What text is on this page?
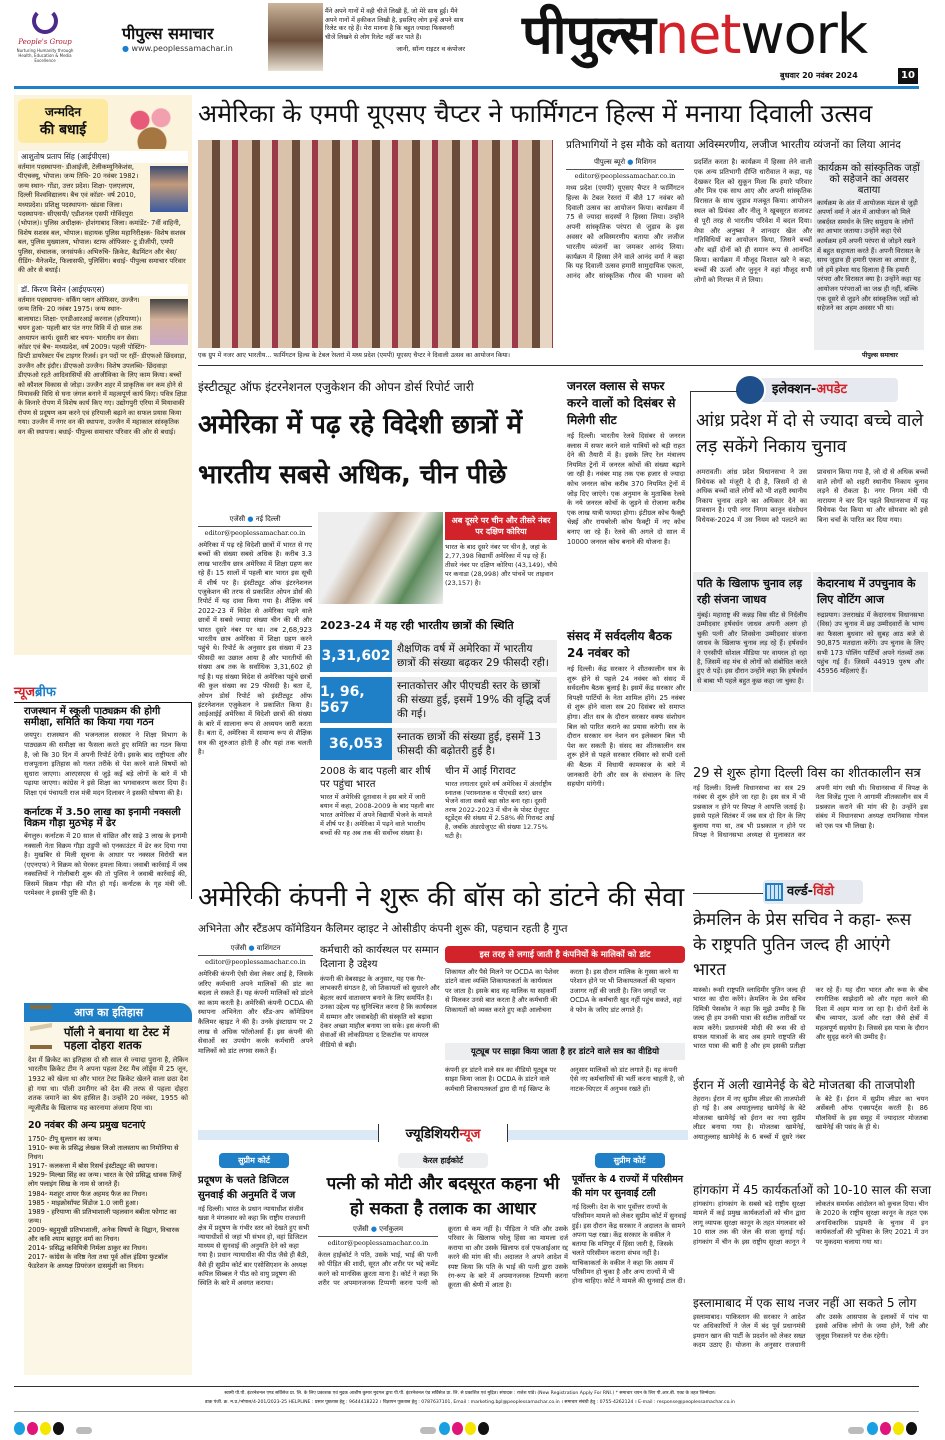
People's Group
Nurturing Humanity through Health, Education & Media Excellence
पीपुल्स समाचार
● www.peoplessamachar.in
मैंने अपने गानों में वही चीजें लिखी हैं, जो मेरे साथ हुईं। मैंने अपने गानों में हकीकत लिखी है, इसलिए लोग इन्हें अपने साथ रिलेट कर रहे हैं। मेरा मानना है कि बहुत ज्यादा फिक्शनरी चीजें लिखने से लोग रिलेट नहीं कर पाते हैं।
जानी, सॉन्ग राइटर व कंपोजर पीपुल्सnetwork
बुधवार 20 नवंबर 2024	10
जन्मदिन
की बधाई
आशुतोष प्रताप सिंह (आईपीएस)
वर्तमान पदस्थापना- डीआईजी, टेलीकम्युनिकेशंस, पीएचक्यू, भोपाल। जन्म तिथि- 20 नवंबर 1982। जन्म स्थान- गोंडा, उत्तर प्रदेश। शिक्षा- एलएलएम, दिल्ली विश्वविद्यालय। बैच एवं कॉडर- वर्ष 2010, मध्यप्रदेश। प्रशिक्षु पदस्थापना- खंडवा जिला। पदस्थापना- सीएसपी/ एडीशनल एसपी गोविंदपुरा (भोपाल)। पुलिस अधीक्षक- होशंगाबाद जिला। कमांडेंट- 7वीं वाहिनी, विशेष सशस्त्र बल, भोपाल। सहायक पुलिस महानिरीक्षक- विशेष सशस्त्र बल, पुलिस मुख्यालय, भोपाल। स्टाफ ऑफिसर- टू डीजीपी, एमपी पुलिस, संचालक, जनसंपर्क। अभिरुचि- क्रिकेट, बैडमिंटन और चेस/ रीडिंग- मैनेजमेंट, फिलासफी, पुलिसिंग। बधाई- पीपुल्स समाचार परिवार की ओर से बधाई।
डॉ. किरण बिसेन (आईएफएस)
वर्तमान पदस्थापना- वर्किंग प्लान ऑफिसर, उज्जैन। जन्म तिथि- 20 नवंबर 1975। जन्म स्थान- बालाघाट। शिक्षा- एनडीआरआई करनाल (हरियाणा)। चयन हुआ- पहली बार पंत नगर विवि में दो साल तक अध्यापन कार्य। दूसरी बार चयन- भारतीय वन सेवा। कॉडर एवं बैच- मध्यप्रदेश, वर्ष 2009। पहली पोस्टिंग- डिप्टी डायरेक्टर पेंच टाइगर रिजर्व। इन पदों पर रहीं- डीएफओ छिंदवाड़ा, उज्जैन और इंदौर। डीएफओ उज्जैन। विशेष उपलब्धि- छिंदवाड़ा डीएफओ रहते आदिवासियों की आजीविका के लिए काम किया। बच्चों को कौशल विकास से जोड़ा। उज्जैन शहर में प्राकृतिक वन कम होने से मियावकी विधि से घना जंगल बनाने में महत्वपूर्ण कार्य किए। पवित्र क्षिप्रा के किनारे रोपण में विशेष कार्य किए गए। उद्योगपुरी एरिया में मियावाकी रोपण से प्रदूषण कम करने एवं हरियाली बढ़ाने का सफल प्रयास किया गया। उज्जैन में नगर वन की स्थापना, उज्जैन में महाकाल सांस्कृतिक वन की स्थापना। बधाई- पीपुल्स समाचार परिवार की ओर से बधाई।
न्यूजब्रीफ
राजस्थान में स्कूली पाठ्यक्रम की होगी समीक्षा, समिति का किया गया गठन
जयपुर। राजस्थान की भजनलाल सरकार ने शिक्षा विभाग के पाठ्यक्रम की समीक्षा का फैसला करते हुए समिति का गठन किया है, जो कि 30 दिन में अपनी रिपोर्ट देगी। इसके बाद राष्ट्रीयता और राजपूताना इतिहास को गलत तरीके से पेश करने वाले विषयों को सुधारा जाएगा। आरएसएस से जुड़े कई बड़े लोगों के बारे में भी पढ़ाया जाएगा। कांग्रेस ने इसे शिक्षा का भगवाकरण करार दिया है। शिक्षा एवं पंचायती राज मंत्री मदन दिलावर ने इसकी घोषणा की है।
कर्नाटक में 3.50 लाख का इनामी नक्सली विक्रम गौड़ा मुठभेड़ में ढेर
बेंगलुरु। कर्नाटक में 20 साल से वांछित और साढ़े 3 लाख के इनामी नक्सली नेता विक्रम गौड़ा उडुपी को एनकाउंटर में ढेर कर दिया गया है। मुखबिर से मिली सूचना के आधार पर नक्सल विरोधी बल (एएनएफ) ने विक्रम को घेरकर हमला किया। जवाबी कार्रवाई में जब नक्सलियों ने गोलीबारी शुरू की तो पुलिस ने जवाबी कार्रवाई की, जिसमें विक्रम गौड़ा की मौत हो गई। कर्नाटक के गृह मंत्री जी. परमेश्वर ने इसकी पुष्टि की है।
आज का इतिहास
पॉली ने बनाया था टेस्ट में पहला दोहरा शतक
देश में क्रिकेट का इतिहास दो सौ साल से ज्यादा पुराना है, लेकिन भारतीय क्रिकेट टीम ने अपना पहला टेस्ट मैच लॉर्ड्स में 25 जून, 1932 को खेला था और भारत टेस्ट क्रिकेट खेलने वाला छठा देश हो गया था। पॉली उमरीगर को देश की तरफ से पहला दोहरा शतक जमाने का श्रेय हासिल है। उन्होंने 20 नवंबर, 1955 को न्यूजीलैंड के खिलाफ यह कारनामा अंजाम दिया था।
20 नवंबर की अन्य प्रमुख घटनाएं
1750- टीपू सुल्तान का जन्म।
1910- रूस के प्रसिद्ध लेखक लिओ तालस्ताय का निमोनिया से निधन।
1917- कलकत्ता में बोस रिसर्च इंस्टीट्यूट की स्थापना।
1929- मिल्खा सिंह का जन्म। भारत के ऐसे प्रसिद्ध धावक जिन्हें लोग फ्लाइंग सिख के नाम से जानते हैं।
1984- मशहूर शायर फैज अहमद फैज का निधन।
1985 - माइक्रोसॉफ्ट विंडोज 1.0 जारी हुआ।
1989 - हरियाणा की प्रतिभाशाली पहलवान बबीता फोगाट का जन्म।
2009- बहुमुखी प्रतिभाशाली, अनेक विषयों के विद्वान, विचारक और कवि श्याम बहादुर वर्मा का निधन।
2014- प्रसिद्ध कवियित्री निर्मला ठाकुर का निधन।
2017- कांग्रेस के वरिष्ठ नेता तथा पूर्व ऑल इंडिया फुटबॉल फेडरेशन के अध्यक्ष प्रियरंजन दासमुंशी का निधन।
अमेरिका के एमपी यूएसए चैप्टर ने फार्मिंगटन हिल्स में मनाया दिवाली उत्सव
एक ग्रुप में नजर आए भारतीय... फार्मिंगटन हिल्स के टेबल रेस्तरां में मध्य प्रदेश (एमपी) यूएसए चैप्टर ने दिवाली उत्सव का आयोजन किया।	पीपुल्स समाचार
प्रतिभागियों ने इस मौके को बताया अविस्मरणीय, लजीज भारतीय व्यंजनों का लिया आनंद
पीपुल्स ब्यूरो ● मिशिगन
editor@peoplessamachar.co.in
मध्य प्रदेश (एमपी) यूएसए चैप्टर ने फार्मिंगटन हिल्स के टेबल रेस्तरां में बीते 17 नवंबर को दिवाली उत्सव का आयोजन किया। कार्यक्रम में 75 से ज्यादा सदस्यों ने हिस्सा लिया। उन्होंने अपनी सांस्कृतिक परंपरा से जुड़ाव के इस अवसर को अविस्मरणीय बताया और लजीज भारतीय व्यंजनों का जमकर आनंद लिया। कार्यक्रम में हिस्सा लेने वाले आनंद वर्मा ने कहा कि यह दिवाली उत्सव हमारी सामुदायिक एकता, आनंद और सांस्कृतिक गौरव की भावना को प्रदर्शित करता है। कार्यक्रम में हिस्सा लेने वाली एक अन्य प्रतिभागी दीप्ति धारीवाल ने कहा, यह देखकर दिल को सुकून मिला कि हमारे परिवार और मित्र एक साथ आए और अपनी सांस्कृतिक विरासत के साथ जुड़ाव मजबूत किया। आयोजन स्थल को प्रियंका और नीलू ने खूबसूरत सजावट से पूरी तरह से भारतीय परिवेश में बदल दिया। मेघा और अनुष्का ने शानदार खेल और गतिविधियों का आयोजन किया, जिसने बच्चों और बड़ों दोनों को ही समान रूप से आनंदित किया। कार्यक्रम में मौजूद विशाल खरे ने कहा, बच्चों की ऊर्जा और जुनून ने वहां मौजूद सभी लोगों को गिरफ्त में ले लिया।
कार्यक्रम को सांस्कृतिक जड़ों को सहेजने का अवसर बताया
कार्यक्रम के अंत में आयोजक मंडल से जुड़ी अपर्णा वर्मा ने अंत में आयोजन को मिले जबर्दस्त समर्थन के लिए समुदाय के लोगों का आभार जताया। उन्होंने कहा ऐसे कार्यक्रम हमें अपनी परंपरा से जोड़ने रखने में बहुत सहायता करते हैं। अपनी विरासत के साथ जुड़ाव ही हमारी एकता का आधार है, जो हमें हमेशा याद दिलाता है कि हमारी परंपरा और विरासत क्या है। उन्होंने कहा यह आयोजन परंपराओं का जश्न ही नहीं, बल्कि एक दूसरे से जुड़ने और सांस्कृतिक जड़ों को सहेजने का अहम अवसर भी था।
इंस्टीट्यूट ऑफ इंटरनेशनल एजुकेशन की ओपन डोर्स रिपोर्ट जारी
अमेरिका में पढ़ रहे विदेशी छात्रों में भारतीय सबसे अधिक, चीन पीछे
एजेंसी ● नई दिल्ली
editor@peoplessamachar.co.in
अमेरिका में पढ़ रहे विदेशी छात्रों में भारत से गए बच्चों की संख्या सबसे अधिक है। करीब 3.3 लाख भारतीय छात्र अमेरिका में शिक्षा ग्रहण कर रहे हैं। 15 सालों में पहली बार भारत इस सूची में शीर्ष पर है। इंस्टीट्यूट ऑफ इंटरनेशनल एजुकेशन की तरफ से प्रकाशित ओपन डोर्स की रिपोर्ट में यह दावा किया गया है। शैक्षिक वर्ष 2022-23 में विदेश से अमेरिका पढ़ने वाले छात्रों में सबसे ज्यादा संख्या चीन की थी और भारत दूसरे नंबर पर था। तब 2,68,923 भारतीय छात्र अमेरिका में शिक्षा ग्रहण करने पहुंचे थे। रिपोर्ट के अनुसार इस संख्या में 23 फीसदी का उछाल आया है और भारतीयों की संख्या अब तक के सर्वाधिक 3,31,602 हो गई है। यह संख्या विदेश से अमेरिका पहुंचे छात्रों की कुल संख्या का 29 फीसदी है। बता दें, ओपन डोर्स रिपोर्ट को इंस्टीट्यूट ऑफ इंटरनेशनल एजुकेशन ने प्रकाशित किया है। आईआईई अमेरिका में विदेशी छात्रों की संख्या के बारे में सालाना रूप से अध्ययन जारी करता है। बता दें, अमेरिका में सामान्य रूप से शैक्षिक सत्र की शुरुआत होती है और यहां तक चलती है।
अब दूसरे पर चीन और तीसरे नंबर पर दक्षिण कोरिया
भारत के बाद दूसरे नंबर पर चीन है, जहां के 2,77,398 विद्यार्थी अमेरिका में पढ़ रहे हैं। तीसरे नंबर पर दक्षिण कोरिया (43,149), चौथे पर कनाडा (28,998) और पांचवें पर ताइवान (23,157) है।
2023-24 में यह रही भारतीय छात्रों की स्थिति
3,31,602 शैक्षणिक वर्ष में अमेरिका में भारतीय छात्रों की संख्या बढ़कर 29 फीसदी रही।
1, 96, 567
स्नातकोत्तर और पीएचडी स्तर के छात्रों की संख्या हुई, इसमें 19% की वृद्धि दर्ज की गई।
36,053	स्नातक छात्रों की संख्या हुई, इसमें 13 फीसदी की बढ़ोतरी हुई है।
2008 के बाद पहली बार शीर्ष पर पहुंचा भारत
भारत में अमेरिकी दूतावास ने इस बारे में जारी बयान में कहा, 2008-2009 के बाद पहली बार भारत अमेरिका में अपने विद्यार्थी भेजने के मामले में शीर्ष पर है। अमेरिका में पढ़ने वाले भारतीय बच्चों की यह अब तक की सर्वोच्च संख्या है।
चीन में आई गिरावट
भारत लगातार दूसरे वर्ष अमेरिका में अंतर्राष्ट्रीय स्नातक (परास्नातक व पीएचडी स्तर) छात्र भेजने वाला सबसे बड़ा स्रोत बना रहा। दूसरी तरफ 2022-2023 में चीन के पोस्ट ग्रेजुएट स्टूडेंट्स की संख्या में 2.58% की गिरावट आई है, जबकि अंडरग्रेजुएट की संख्या 12.75% घटी है।
जनरल क्लास से सफर करने वालों को दिसंबर से मिलेगी सीट
नई दिल्ली। भारतीय रेलवे दिसंबर से जनरल क्लास में सफर करने वाले यात्रियों को बड़ी राहत देने की तैयारी में है। इसके लिए रेल मंत्रालय नियमित ट्रेनों में जनरल कोचों की संख्या बढ़ाने जा रही है। नवंबर माह तक एक हजार से ज्यादा कोच जनरल कोच करीब 370 नियमित ट्रेनों में जोड़ दिए जाएंगे। एक अनुमान के मुताबिक रेलवे के नये जनरल कोचों के जुड़ने से रोजाना करीब एक लाख यात्री फायदा होगा। इंटीग्रल कोच फैक्ट्री चेन्नई और रायबरेली कोच फैक्ट्री में नए कोच बनाए जा रहे हैं। रेलवे की अगले दो साल में 10000 जनरल कोच बनाने की योजना है।
संसद में सर्वदलीय बैठक 24 नवंबर को
नई दिल्ली। केंद्र सरकार ने शीतकालीन सत्र के शुरू होने से पहले 24 नवंबर को संसद में सर्वदलीय बैठक बुलाई है। इसमें केंद्र सरकार और विपक्षी पार्टियों के नेता शामिल होंगे। 25 नवंबर से शुरू होने वाला सत्र 20 दिसंबर को समाप्त होगा। शीत सत्र के दौरान सरकार वक्फ संशोधन बिल को पारित कराने का प्रयास करेगी। सत्र के दौरान सरकार वन नेशन वन इलेक्शन बिल भी पेश कर सकती है। संसद का शीतकालीन सत्र शुरू होने से पहले सरकार रविवार को सभी दलों की बैठक में विधायी कामकाज के बारे में जानकारी देगी और सत्र के संचालन के लिए सहयोग मांगेगी।
इलेक्शन-अपडेट
आंध्र प्रदेश में दो से ज्यादा बच्चे वाले लड़ सकेंगे निकाय चुनाव
अमरावती। आंध्र प्रदेश विधानसभा ने उस विधेयक को मंजूरी दे दी है, जिसमें दो से अधिक बच्चों वाले लोगों को भी शहरी स्थानीय निकाय चुनाव लड़ने का अधिकार देने का प्रावधान है। एपी नगर निगम कानून संशोधन विधेयक-2024 में उस नियम को पलटने का प्रावधान किया गया है, जो दो से अधिक बच्चों वाले लोगों को शहरी स्थानीय निकाय चुनाव लड़ने से रोकता है। नगर निगम मंत्री पी नारायण ने चार दिन पहले विधानसभा में यह विधेयक पेश किया था और सोमवार को इसे बिना चर्चा के पारित कर दिया गया।
पति के खिलाफ चुनाव लड़ रही संजना जाधव
मुंबई। महाराष्ट्र की कन्नड़ विस सीट से निर्दलीय उम्मीदवार हर्षवर्धन जाधव अपनी अलग हो चुकी पत्नी और शिवसेना उम्मीदवार संजना जाधव के खिलाफ चुनाव लड़ रहे हैं। हर्षवर्धन ने एनसीपी सोशल मीडिया पर वायरल हो रहा है, जिसमें वह मंच से लोगों को संबोधित करते हुए रो पड़ें। इस दौरान उन्होंने कहा कि हर्षवर्धन से बाबा भी पहले बहुत कुछ कहा जा चुका है।
केदारनाथ में उपचुनाव के लिए वोटिंग आज
रुद्रप्रयाग। उत्तराखंड में केदारनाथ विधानसभा (विस) उप चुनाव में छह उम्मीदवारों के भाग्य का फैसला बुधवार को सुबह आठ बजे से 90,875 मतदाता करेंगे। उप चुनाव के लिए सभी 173 पोलिंग पार्टियों अपने गंतव्यों तक पहुंच गई हैं। जिसमें 44919 पुरुष और 45956 महिलाएं हैं।
29 से शुरू होगा दिल्ली विस का शीतकालीन सत्र
नई दिल्ली। दिल्ली विधानसभा का सत्र 29 नवंबर से शुरू होने जा रहा है। इस सत्र में भी प्रश्नकाल न होने पर विपक्ष ने आपत्ति जताई है। इससे पहले सितंबर में जब सत्र दो दिन के लिए बुलाया गया था, तब भी प्रश्नकाल न होने पर विपक्ष ने विधानसभा अध्यक्ष से मुलाकात कर अपनी मांग रखी थी। विधानसभा में विपक्ष के नेता विजेंद्र गुप्ता ने आगामी शीतकालीन सत्र में प्रश्नकाल कराने की मांग की है। उन्होंने इस संबंध में विधानसभा अध्यक्ष रामनिवास गोयल को एक पत्र भी लिखा है।
वर्ल्ड-विंडो
क्रेमलिन के प्रेस सचिव ने कहा- रूस के राष्ट्रपति पुतिन जल्द ही आएंगे भारत
मास्को। रूसी राष्ट्रपति व्लादिमीर पुतिन जल्द ही भारत का दौरा करेंगे। क्रेमलिन के प्रेस सचिव दिमित्री पेसकोव ने कहा कि मुझे उम्मीद है कि जल्द ही हम उनकी यात्रा की सटीक तारीखों पर काम करेंगे। प्रधानमंत्री मोदी की रूस की दो सफल यात्राओं के बाद अब हमारे राष्ट्रपति की भारत यात्रा की बारी है और हम इसकी प्रतीक्षा कर रहे हैं। यह दौरा भारत और रूस के बीच रणनीतिक साझेदारी को और गहरा करने की दिशा में अहम माना जा रहा है। दोनों देशों के बीच व्यापार, ऊर्जा और रक्षा जैसे क्षेत्रों में महत्वपूर्ण सहयोग है। जिससे इस यात्रा के दौरान और सुदृढ़ करने की उम्मीद है।
ईरान में अली खामेनेई के बेटे मोजतबा की ताजपोशी
तेहरान। ईरान में नए सुप्रीम लीडर की ताजपोशी हो गई है। अब अयातुल्लाह खामेनेई के बेटे मोजतबा खामेनेई को ईरान का नया सुप्रीम लीडर बनाया गया है। मोजतबा खामेनेई, अयातुल्लाह खामेनेई के 6 बच्चों में दूसरे नंबर के बेटे हैं। ईरान में सुप्रीम लीडर का चयन असेंबली ऑफ एक्सपर्ट्स करती है। 86 मौलवियों के इस समूह में ज्यादातर मोजतबा खामेनेई की पसंद के ही थे।
हांगकांग में 45 कार्यकर्ताओं को 10-10 साल की सजा
हांगकांग। हांगकांग के सबसे बड़े राष्ट्रीय सुरक्षा मामले में कई प्रमुख कार्यकर्ताओं को चीन द्वारा लागू व्यापक सुरक्षा कानून के तहत मंगलवार को 10 साल तक की जेल की सजा सुनाई गई। हांगकांग में चीन के इस राष्ट्रीय सुरक्षा कानून ने लोकतंत्र समर्थक आंदोलन को कुचल दिया। चीन के 2020 के राष्ट्रीय सुरक्षा कानून के तहत एक अनाधिकारिक प्राइमरी के चुनाव में इन कार्यकर्ताओं की भूमिका के लिए 2021 में उन पर मुकदमा चलाया गया था।
इस्लामाबाद में एक साथ नजर नहीं आ सकते 5 लोग
इस्लामाबाद। पाकिस्तान की सरकार ने आदेश पर अधिकारियों ने जेल में बंद पूर्व प्रधानमंत्री इमरान खान की पार्टी के प्रदर्शन को लेकर सख्त कदम उठाए हैं। योजना के अनुसार राजधानी और उसके आसपास के इलाकों में पांच या इससे अधिक लोगों के जमा होने, रैली और जुलूस निकालने पर रोक रहेगी।
अमेरिकी कंपनी ने शुरू की बॉस को डांटने की सेवा
अभिनेता और स्टैंडअप कॉमेडियन कैलिमर व्हाइट ने ओसीडीए कंपनी शुरू की, पहचान रहती है गुप्त
एजेंसी ● वाशिंगटन
editor@peoplessamachar.co.in
अमेरिकी कंपनी ऐसी सेवा लेकर आई है, जिसके जरिए कर्मचारी अपने मालिकों की डांट का बदला ले सकते हैं। यह कंपनी मालिकों को डांटने का काम करती है। अमेरिकी कंपनी OCDA की स्थापना अभिनेता और स्टैंड-अप कॉमेडियन कैलिमर व्हाइट ने की है। उनके इंस्टाग्राम पर 2 लाख से अधिक फॉलोअर्स हैं। इस कंपनी की सेवाओं का उपयोग करके कर्मचारी अपने मालिकों को डांट लगवा सकते हैं।
कर्मचारी को कार्यस्थल पर सम्मान दिलाना है उद्देश्य
कंपनी की वेबसाइट के अनुसार, यह एक गैर-लाभकारी संगठन है, जो शिकायतों को सुधारने और बेहतर कार्य वातावरण बनाने के लिए समर्पित है। उनका उद्देश्य यह सुनिश्चित करना है कि कार्यस्थल में सम्मान और जवाबदेही की संस्कृति को बढ़ावा देकर अच्छा माहौल बनाया जा सके। इस कंपनी की सेवाओं की लोकप्रियता द टिकटॉक पर वायरल वीडियो से बढ़ी।
इस तरह से लगाई जाती है कंपनियों के मालिकों को डांट
शिकायत और पैसे मिलने पर OCDA का पेशेवर डांटने वाला व्यक्ति शिकायतकर्ता के कार्यस्थल पर जाता है। इसके बाद वह मालिक या सहकर्मी से मिलकर उनसे बात करता है और कर्मचारी की शिकायतों को व्यक्त करते हुए कड़ी आलोचना करता है। इस दौरान मालिक के गुस्सा करने या परेशान होने पर भी शिकायतकर्ता की पहचान उजागर नहीं की जाती है। जिन जगहों पर OCDA के कर्मचारी खुद नहीं पहुंच सकते, वहां वे फोन के जरिए डांट लगाते हैं।
यूट्यूब पर साझा किया जाता है हर डांटने वाले सत्र का वीडियो
कंपनी हर डांटने वाले सत्र का वीडियो यूट्यूब पर साझा किया जाता है। OCDA के डांटने वाले कर्मचारी शिकायतकर्ता द्वारा दी गई स्क्रिप्ट के अनुसार मालिकों को डांट लगाते हैं। यह कंपनी ऐसे नए कर्मचारियों की भर्ती करना चाहती है, जो नाटक-थिएटर में अनुभव रखते हों।
ज्यूडिशियरीन्यूज
सुप्रीम कोर्ट
प्रदूषण के चलते डिजिटल सुनवाई की अनुमति दें जज
नई दिल्ली। भारत के प्रधान न्यायाधीश संजीव खन्ना ने मंगलवार को कहा कि राष्ट्रीय राजधानी क्षेत्र में प्रदूषण के गंभीर स्तर को देखते हुए सभी न्यायाधीशों से जहां भी संभव हो, वहां डिजिटल माध्यम से सुनवाई की अनुमति देने को कहा गया है। प्रधान न्यायाधीश की पीठ जैसे ही बैठी, वैसे ही सुप्रीम कोर्ट बार एसोसिएशन के अध्यक्ष कपिल सिब्बल ने पीठ को वायु प्रदूषण की स्थिति के बारे में अवगत कराया।
केरल हाईकोर्ट
पत्नी को मोटी और बदसूरत कहना भी हो सकता है तलाक का आधार
एजेंसी ● एर्नाकुलम
editor@peoplessamachar.co.in
केरल हाईकोर्ट ने पति, उसके भाई, भाई की पत्नी को पीड़ित की शादी, सूरत और शरीर पर भद्दे कमेंट करने को मानसिक क्रूरता माना है। कोर्ट ने कहा कि शरीर पर अपमानजनक टिप्पणी करना पत्नी को क्रूरता से कम नहीं है। पीड़िता ने पति और उसके परिवार के खिलाफ घरेलू हिंसा का मामला दर्ज कराया था और उसके खिलाफ दर्ज एफआईआर रद्द करने की मांग की थी। अदालत ने अपने आदेश में स्पष्ट किया कि पति के भाई की पत्नी द्वारा उसके रंग-रूप के बारे में अपमानजनक टिप्पणी करना क्रूरता की श्रेणी में आता है।
सुप्रीम कोर्ट
पूर्वोत्तर के 4 राज्यों में परिसीमन की मांग पर सुनवाई टली
नई दिल्ली। देश के चार पूर्वोत्तर राज्यों के परिसीमन मामले को लेकर सुप्रीम कोर्ट में सुनवाई हुई। इस दौरान केंद्र सरकार ने अदालत के सामने अपना पक्ष रखा। केंद्र सरकार के वकील ने बताया कि मणिपुर में हिंसा जारी है, जिसके चलते परिसीमन कराना संभव नहीं है। याचिकाकर्ता के वकील ने कहा कि असम में परिसीमन हो चुका है और अन्य राज्यों में भी होना चाहिए। कोर्ट ने मामले की सुनवाई टाल दी।
स्वामी पी.पी. इंटरनेशनल एण्ड सर्विसेज प्रा. लि. के लिए प्रकाशक एवं मुद्रक आशीष कुमार मुदगल द्वारा पी.पी. इंटरनेशनल एंड सर्विसेज प्रा. लि. से प्रकाशित एवं मुद्रित। संपादक : राजेश पांडे। (New Registration Apply For RNI.) * समाचार चयन के लिए पी.आर.बी. एक्ट के तहत जिम्मेदार।
डाक पंजी. क्र. म.प्र./भोपाल/4-201/2023-25 HELPLINE : प्रसार पूछताछ हेतु : 9644418222 । विज्ञापन पूछताछ हेतु : 0787637101, Email : marketing.bpl@peoplessamachar.co.in । समाचार संबंधी हेतु : 0755-4262124 । E-mail : response@peoplessamachar.co.in
